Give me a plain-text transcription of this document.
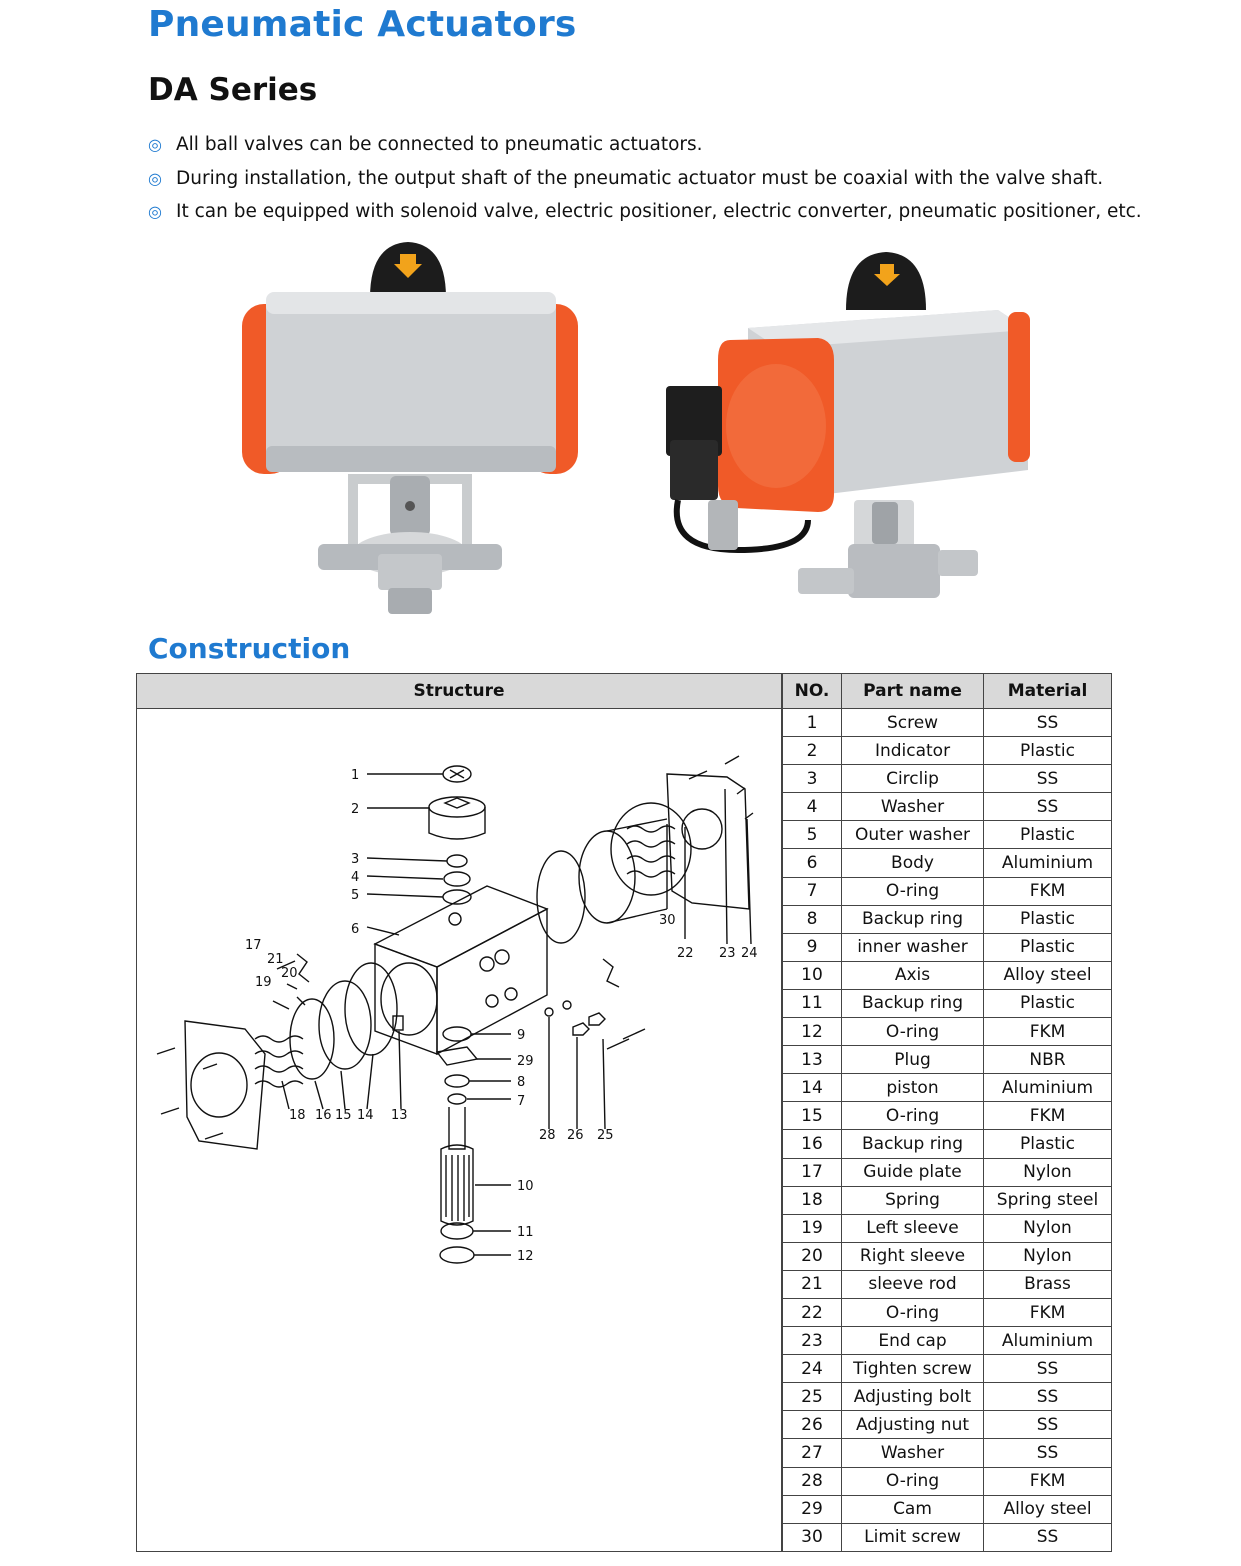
Pneumatic Actuators
DA Series
◎ All ball valves can be connected to pneumatic actuators.
◎ During installation, the output shaft of the pneumatic actuator must be coaxial with the valve shaft.
◎ It can be equipped with solenoid valve, electric positioner, electric converter, pneumatic positioner, etc.
Construction
Structure
1
2
3
4
5
6
7
8
9
10
11
12
13
14
15
16
17
18
19
20
21	22 23 24
25
26
28
29
30
NO.	Part name	Material
1	Screw	SS
2	Indicator	Plastic
3	Circlip	SS
4	Washer	SS
5	Outer washer	Plastic
6	Body	Aluminium
7	O-ring	FKM
8	Backup ring	Plastic
9	inner washer	Plastic
10	Axis	Alloy steel
11	Backup ring	Plastic
12	O-ring	FKM
13	Plug	NBR
14	piston	Aluminium
15	O-ring	FKM
16	Backup ring	Plastic
17	Guide plate	Nylon
18	Spring	Spring steel
19	Left sleeve	Nylon
20	Right sleeve	Nylon
21	sleeve rod	Brass
22	O-ring	FKM
23	End cap	Aluminium
24	Tighten screw	SS
25	Adjusting bolt	SS
26	Adjusting nut	SS
27	Washer	SS
28	O-ring	FKM
29	Cam	Alloy steel
30	Limit screw	SS
